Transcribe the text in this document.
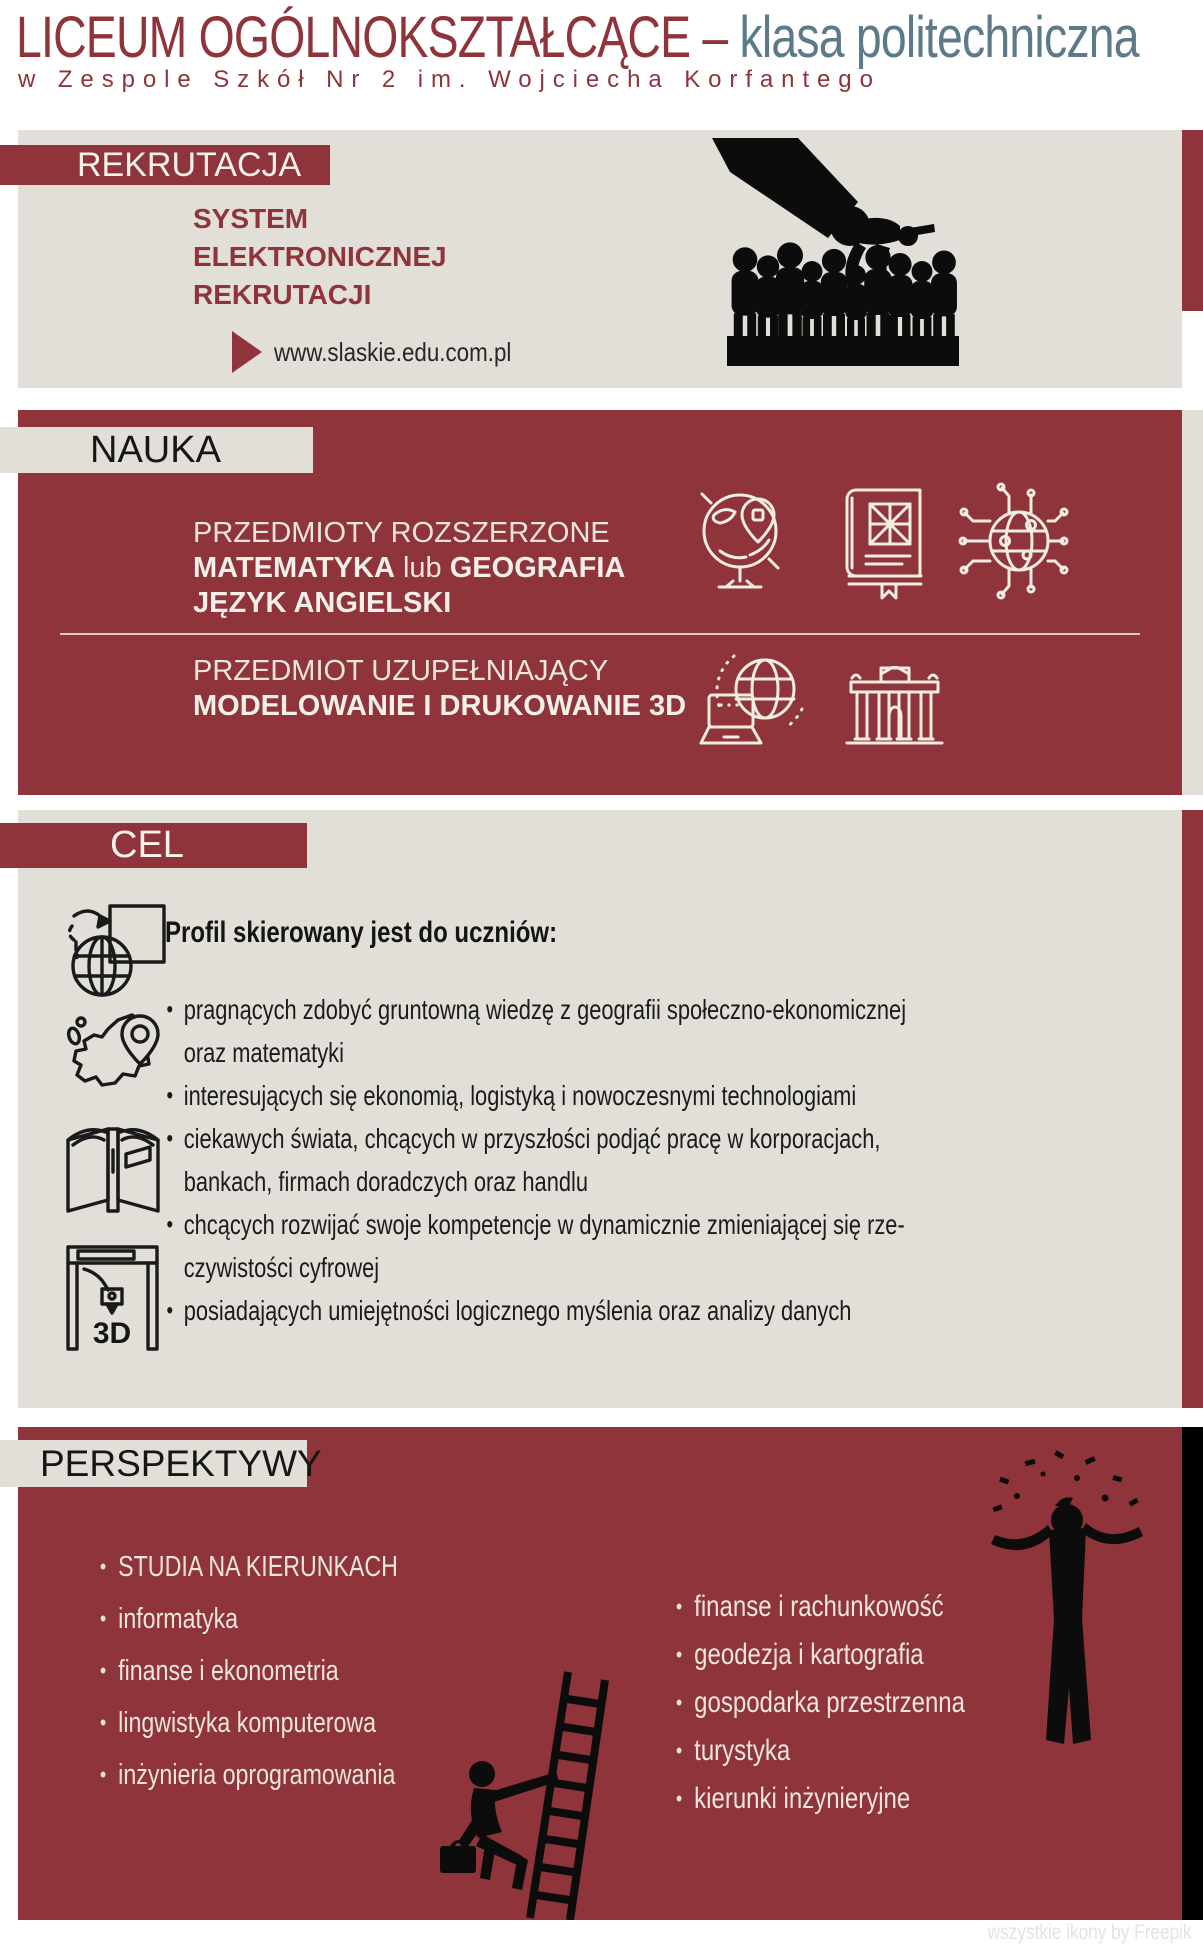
LICEUM OGÓLNOKSZTAŁCĄCE – klasa politechniczna
w Zespole Szkół Nr 2 im. Wojciecha Korfantego
REKRUTACJA
SYSTEM
ELEKTRONICZNEJ
REKRUTACJI
www.slaskie.edu.com.pl
NAUKA
PRZEDMIOTY ROZSZERZONE
MATEMATYKA lub GEOGRAFIA
JĘZYK ANGIELSKI
PRZEDMIOT UZUPEŁNIAJĄCY
MODELOWANIE I DRUKOWANIE 3D
CEL
Profil skierowany jest do uczniów:
• pragnących zdobyć gruntowną wiedzę z geografii społeczno-ekonomicznej
oraz matematyki
• interesujących się ekonomią, logistyką i nowoczesnymi technologiami
• ciekawych świata, chcących w przyszłości podjąć pracę w korporacjach,
bankach, firmach doradczych oraz handlu
• chcących rozwijać swoje kompetencje w dynamicznie zmieniającej się rze-
czywistości cyfrowej
• posiadających umiejętności logicznego myślenia oraz analizy danych
3D
PERSPEKTYWY
• STUDIA NA KIERUNKACH
• informatyka
• finanse i ekonometria
• lingwistyka komputerowa
• inżynieria oprogramowania
• finanse i rachunkowość
• geodezja i kartografia
• gospodarka przestrzenna
• turystyka
• kierunki inżynieryjne
wszystkie ikony by Freepik
